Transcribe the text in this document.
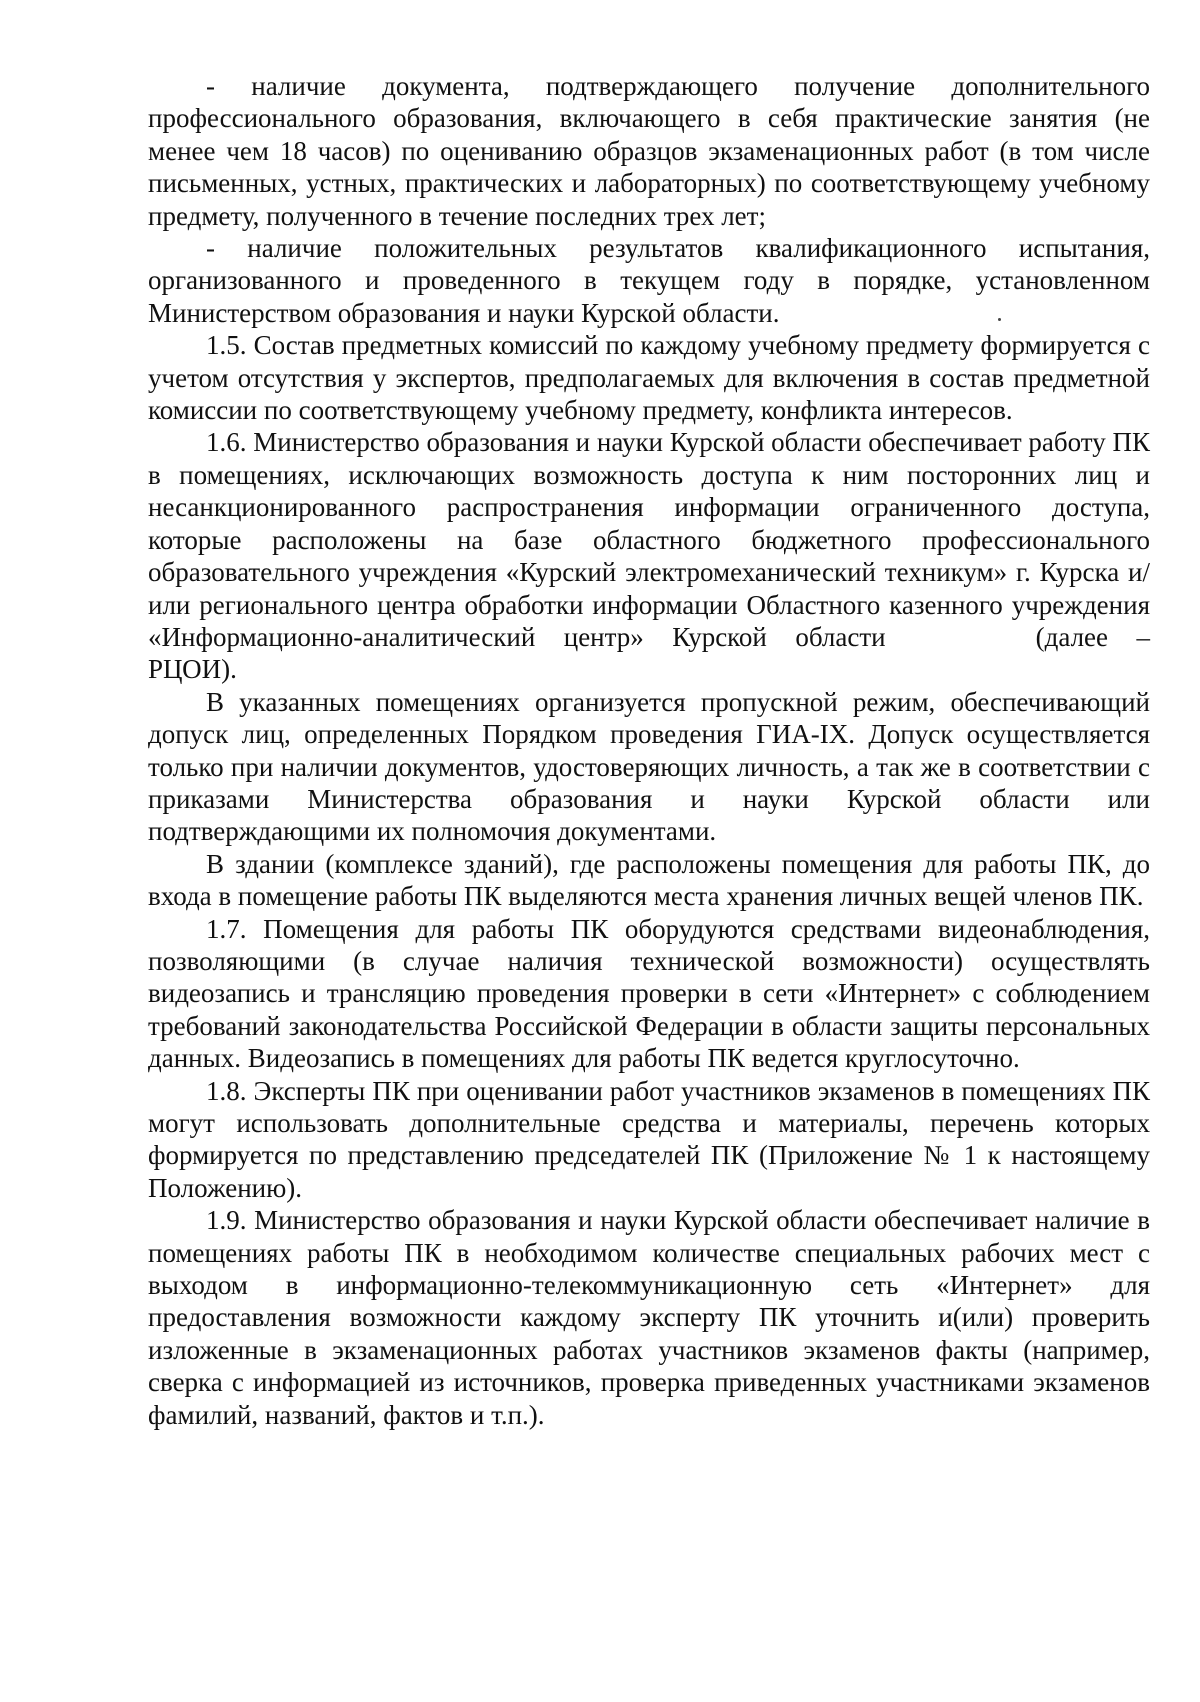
- наличие документа, подтверждающего получение дополнительного профессионального образования, включающего в себя практические занятия (не менее чем 18 часов) по оцениванию образцов экзаменационных работ (в том числе письменных, устных, практических и лабораторных) по соответствующему учебному предмету, полученного в течение последних трех лет;

- наличие положительных результатов квалификационного испытания, организованного и проведенного в текущем году в порядке, установленном Министерством образования и науки Курской области.

1.5. Состав предметных комиссий по каждому учебному предмету формируется с учетом отсутствия у экспертов, предполагаемых для включения в состав предметной комиссии по соответствующему учебному предмету, конфликта интересов.

1.6. Министерство образования и науки Курской области обеспечивает работу ПК в помещениях, исключающих возможность доступа к ним посторонних лиц и несанкционированного распространения информации ограниченного доступа, которые расположены на базе областного бюджетного профессионального образовательного учреждения «Курский электромеханический техникум» г. Курска и/или регионального центра обработки информации Областного казенного учреждения «Информационно-аналитический центр» Курской области	(далее – РЦОИ).

В указанных помещениях организуется пропускной режим, обеспечивающий допуск лиц, определенных Порядком проведения ГИА-IX. Допуск осуществляется только при наличии документов, удостоверяющих личность, а так же в соответствии с приказами Министерства образования и науки Курской области или подтверждающими их полномочия документами.

В здании (комплексе зданий), где расположены помещения для работы ПК, до входа в помещение работы ПК выделяются места хранения личных вещей членов ПК.

1.7. Помещения для работы ПК оборудуются средствами видеонаблюдения, позволяющими (в случае наличия технической возможности) осуществлять видеозапись и трансляцию проведения проверки в сети «Интернет» с соблюдением требований законодательства Российской Федерации в области защиты персональных данных. Видеозапись в помещениях для работы ПК ведется круглосуточно.

1.8. Эксперты ПК при оценивании работ участников экзаменов в помещениях ПК могут использовать дополнительные средства и материалы, перечень которых формируется по представлению председателей ПК (Приложение № 1 к настоящему Положению).

1.9. Министерство образования и науки Курской области обеспечивает наличие в помещениях работы ПК в необходимом количестве специальных рабочих мест с выходом в информационно-телекоммуникационную сеть «Интернет» для предоставления возможности каждому эксперту ПК уточнить и(или) проверить изложенные в экзаменационных работах участников экзаменов факты (например, сверка с информацией из источников, проверка приведенных участниками экзаменов фамилий, названий, фактов и т.п.).
